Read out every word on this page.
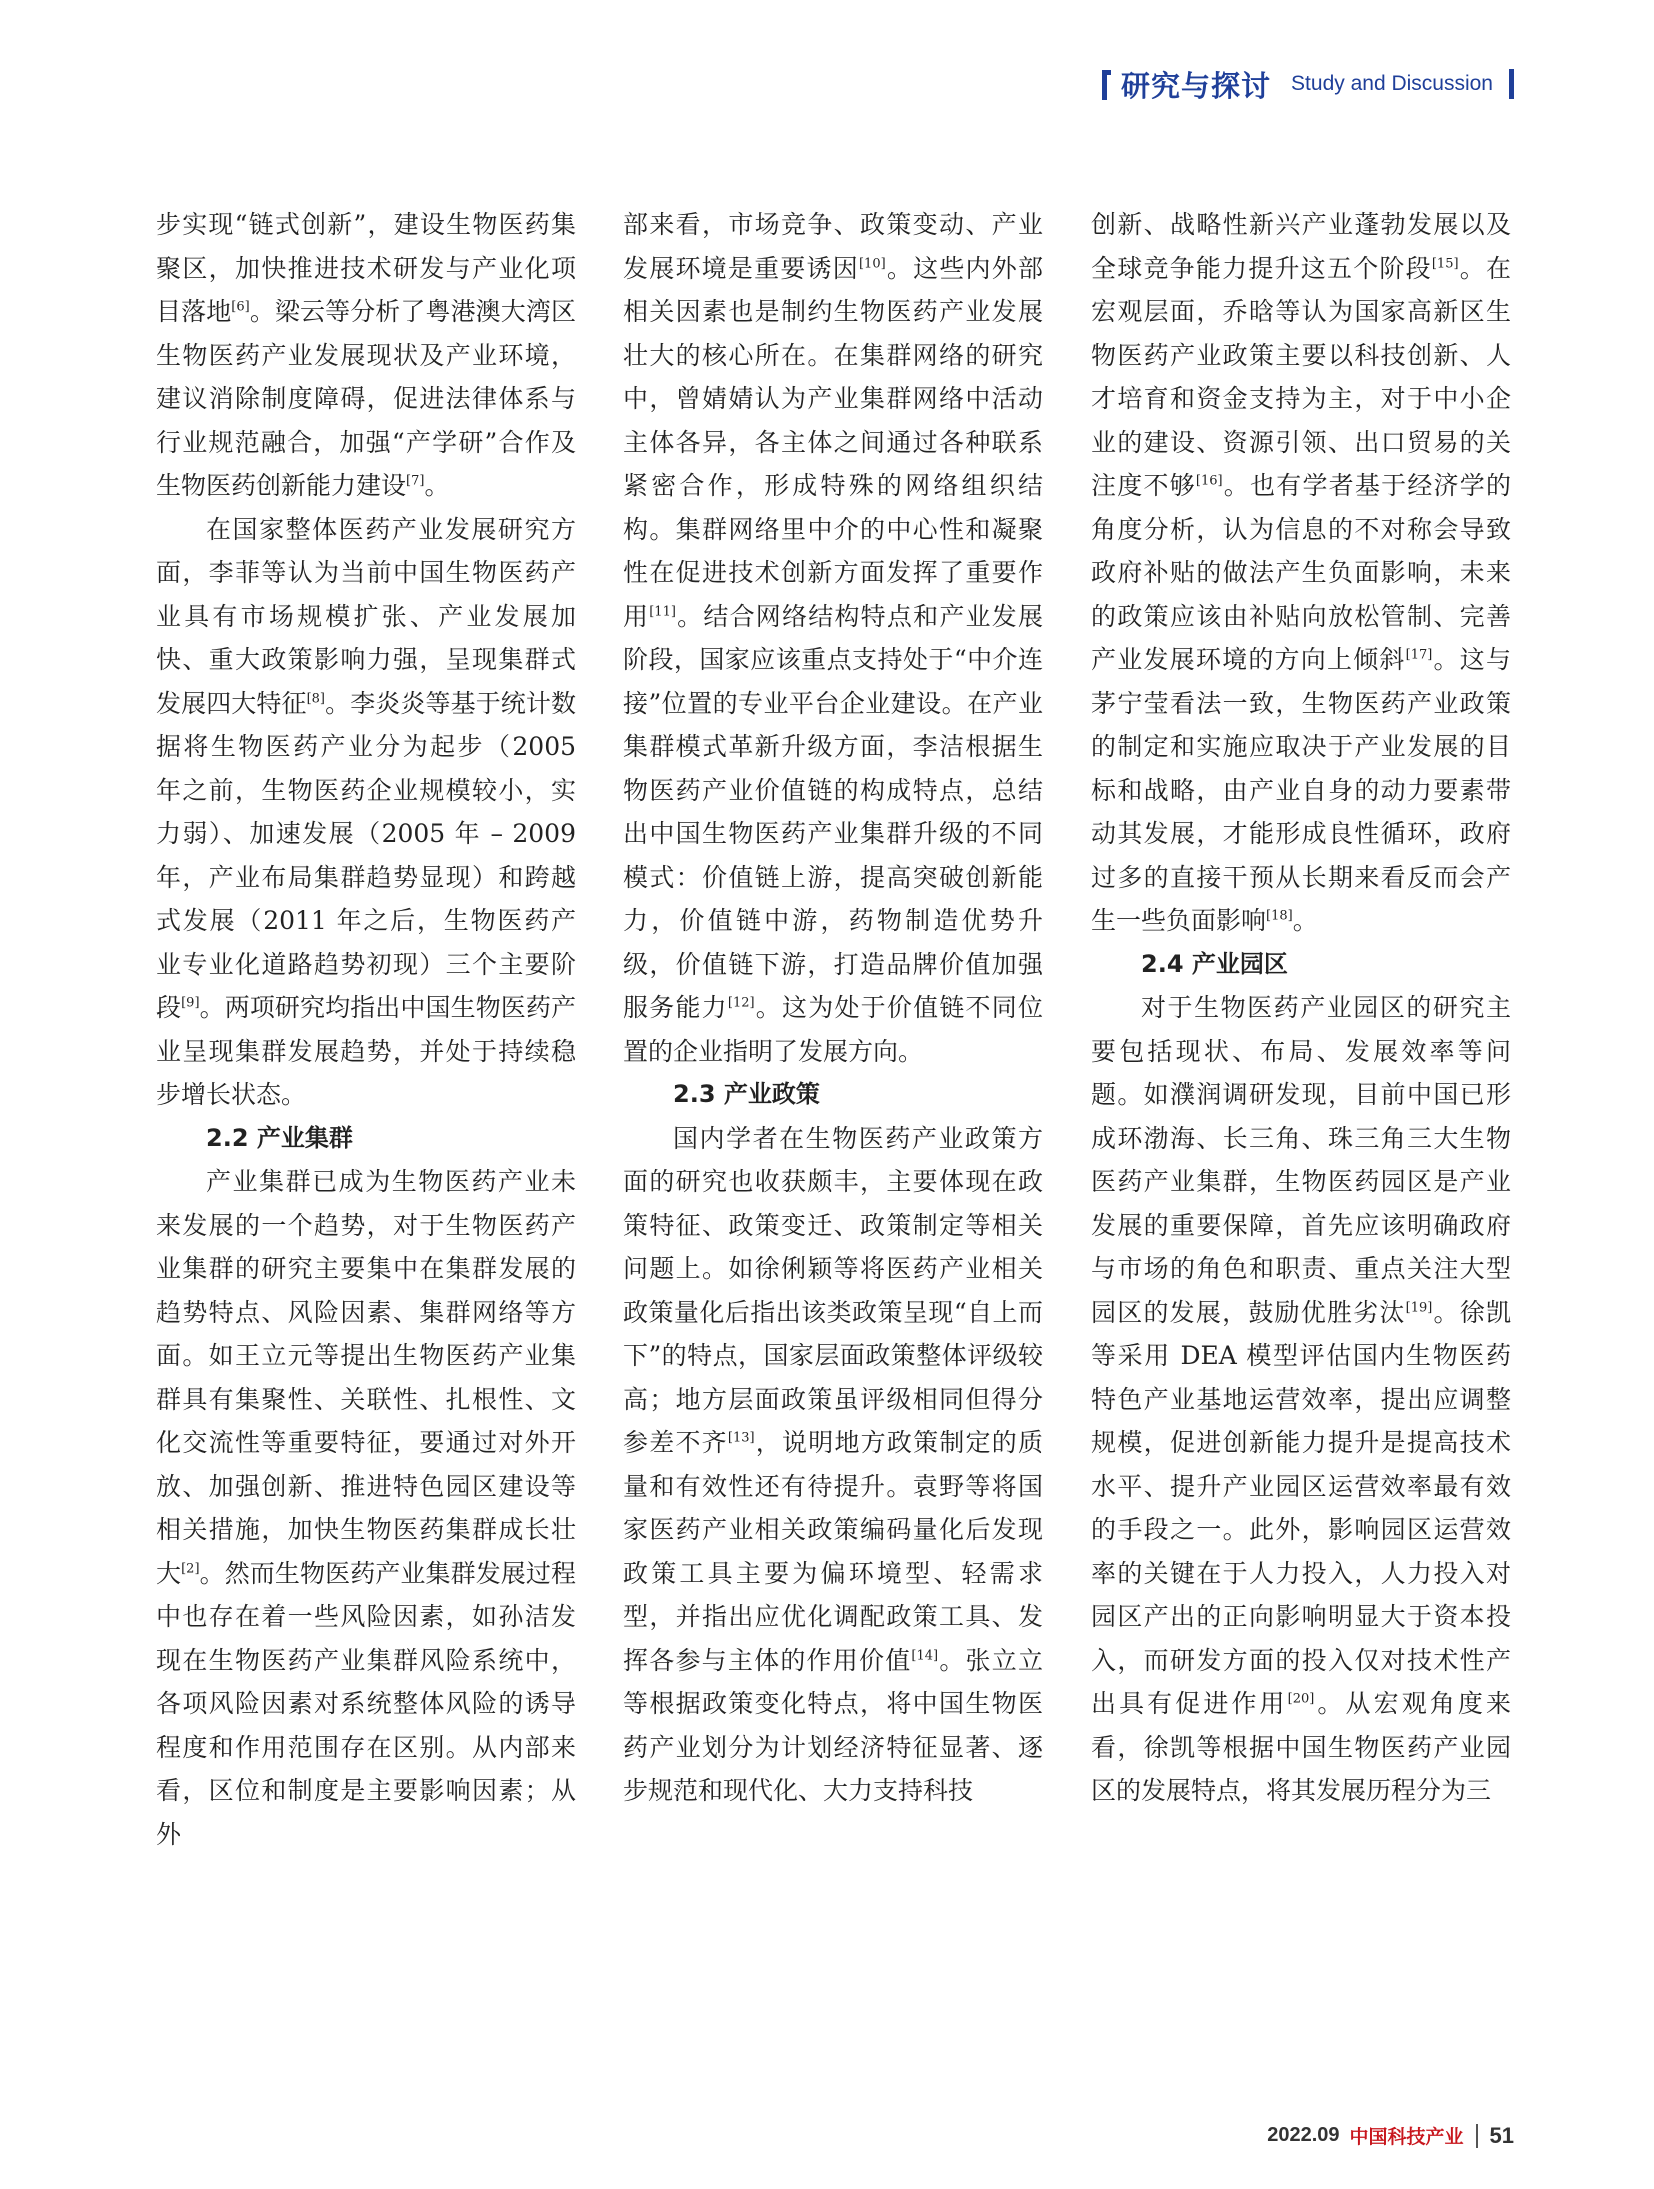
研究与探讨 Study and Discussion

步实现“链式创新”，建设生物医药集聚区，加快推进技术研发与产业化项目落地[6]。梁云等分析了粤港澳大湾区生物医药产业发展现状及产业环境，建议消除制度障碍，促进法律体系与行业规范融合，加强“产学研”合作及生物医药创新能力建设[7]。

在国家整体医药产业发展研究方面，李菲等认为当前中国生物医药产业具有市场规模扩张、产业发展加快、重大政策影响力强，呈现集群式发展四大特征[8]。李炎炎等基于统计数据将生物医药产业分为起步（2005 年之前，生物医药企业规模较小，实力弱）、加速发展（2005 年 – 2009 年，产业布局集群趋势显现）和跨越式发展（2011 年之后，生物医药产业专业化道路趋势初现）三个主要阶段[9]。两项研究均指出中国生物医药产业呈现集群发展趋势，并处于持续稳步增长状态。

2.2 产业集群

产业集群已成为生物医药产业未来发展的一个趋势，对于生物医药产业集群的研究主要集中在集群发展的趋势特点、风险因素、集群网络等方面。如王立元等提出生物医药产业集群具有集聚性、关联性、扎根性、文化交流性等重要特征，要通过对外开放、加强创新、推进特色园区建设等相关措施，加快生物医药集群成长壮大[2]。然而生物医药产业集群发展过程中也存在着一些风险因素，如孙洁发现在生物医药产业集群风险系统中，各项风险因素对系统整体风险的诱导程度和作用范围存在区别。从内部来看，区位和制度是主要影响因素；从外

部来看，市场竞争、政策变动、产业发展环境是重要诱因[10]。这些内外部相关因素也是制约生物医药产业发展壮大的核心所在。在集群网络的研究中，曾婧婧认为产业集群网络中活动主体各异，各主体之间通过各种联系紧密合作，形成特殊的网络组织结构。集群网络里中介的中心性和凝聚性在促进技术创新方面发挥了重要作用[11]。结合网络结构特点和产业发展阶段，国家应该重点支持处于“中介连接”位置的专业平台企业建设。在产业集群模式革新升级方面，李洁根据生物医药产业价值链的构成特点，总结出中国生物医药产业集群升级的不同模式：价值链上游，提高突破创新能力，价值链中游，药物制造优势升级，价值链下游，打造品牌价值加强服务能力[12]。这为处于价值链不同位置的企业指明了发展方向。

2.3 产业政策

国内学者在生物医药产业政策方面的研究也收获颇丰，主要体现在政策特征、政策变迁、政策制定等相关问题上。如徐俐颖等将医药产业相关政策量化后指出该类政策呈现“自上而下”的特点，国家层面政策整体评级较高；地方层面政策虽评级相同但得分参差不齐[13]，说明地方政策制定的质量和有效性还有待提升。袁野等将国家医药产业相关政策编码量化后发现政策工具主要为偏环境型、轻需求型，并指出应优化调配政策工具、发挥各参与主体的作用价值[14]。张立立等根据政策变化特点，将中国生物医药产业划分为计划经济特征显著、逐步规范和现代化、大力支持科技

创新、战略性新兴产业蓬勃发展以及全球竞争能力提升这五个阶段[15]。在宏观层面，乔晗等认为国家高新区生物医药产业政策主要以科技创新、人才培育和资金支持为主，对于中小企业的建设、资源引领、出口贸易的关注度不够[16]。也有学者基于经济学的角度分析，认为信息的不对称会导致政府补贴的做法产生负面影响，未来的政策应该由补贴向放松管制、完善产业发展环境的方向上倾斜[17]。这与茅宁莹看法一致，生物医药产业政策的制定和实施应取决于产业发展的目标和战略，由产业自身的动力要素带动其发展，才能形成良性循环，政府过多的直接干预从长期来看反而会产生一些负面影响[18]。

2.4 产业园区

对于生物医药产业园区的研究主要包括现状、布局、发展效率等问题。如濮润调研发现，目前中国已形成环渤海、长三角、珠三角三大生物医药产业集群，生物医药园区是产业发展的重要保障，首先应该明确政府与市场的角色和职责、重点关注大型园区的发展，鼓励优胜劣汰[19]。徐凯等采用 DEA 模型评估国内生物医药特色产业基地运营效率，提出应调整规模，促进创新能力提升是提高技术水平、提升产业园区运营效率最有效的手段之一。此外，影响园区运营效率的关键在于人力投入，人力投入对园区产出的正向影响明显大于资本投入，而研发方面的投入仅对技术性产出具有促进作用[20]。从宏观角度来看，徐凯等根据中国生物医药产业园区的发展特点，将其发展历程分为三

2022.09 中国科技产业 51
